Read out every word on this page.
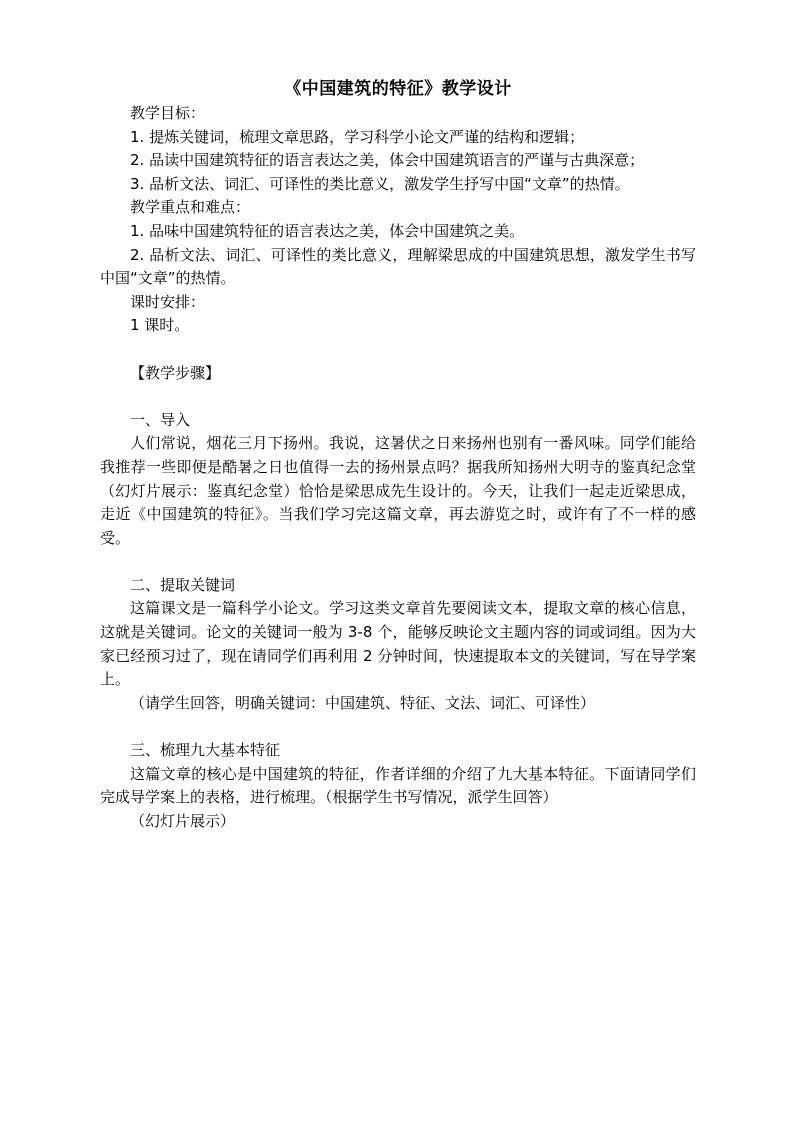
《中国建筑的特征》教学设计

教学目标：

1. 提炼关键词，梳理文章思路，学习科学小论文严谨的结构和逻辑；

2. 品读中国建筑特征的语言表达之美，体会中国建筑语言的严谨与古典深意；

3. 品析文法、词汇、可译性的类比意义，激发学生抒写中国“文章”的热情。

教学重点和难点：

1. 品味中国建筑特征的语言表达之美，体会中国建筑之美。

2. 品析文法、词汇、可译性的类比意义，理解梁思成的中国建筑思想，激发学生书写中国“文章”的热情。

课时安排：

1 课时。

【教学步骤】

一、导入

人们常说，烟花三月下扬州。我说，这暑伏之日来扬州也别有一番风味。同学们能给我推荐一些即便是酷暑之日也值得一去的扬州景点吗？据我所知扬州大明寺的鉴真纪念堂（幻灯片展示：鉴真纪念堂）恰恰是梁思成先生设计的。今天，让我们一起走近梁思成，走近《中国建筑的特征》。当我们学习完这篇文章，再去游览之时，或许有了不一样的感受。

二、提取关键词

这篇课文是一篇科学小论文。学习这类文章首先要阅读文本，提取文章的核心信息，这就是关键词。论文的关键词一般为 3-8 个，能够反映论文主题内容的词或词组。因为大家已经预习过了，现在请同学们再利用 2 分钟时间，快速提取本文的关键词，写在导学案上。

（请学生回答，明确关键词：中国建筑、特征、文法、词汇、可译性）

三、梳理九大基本特征

这篇文章的核心是中国建筑的特征，作者详细的介绍了九大基本特征。下面请同学们完成导学案上的表格，进行梳理。（根据学生书写情况，派学生回答）

（幻灯片展示）
